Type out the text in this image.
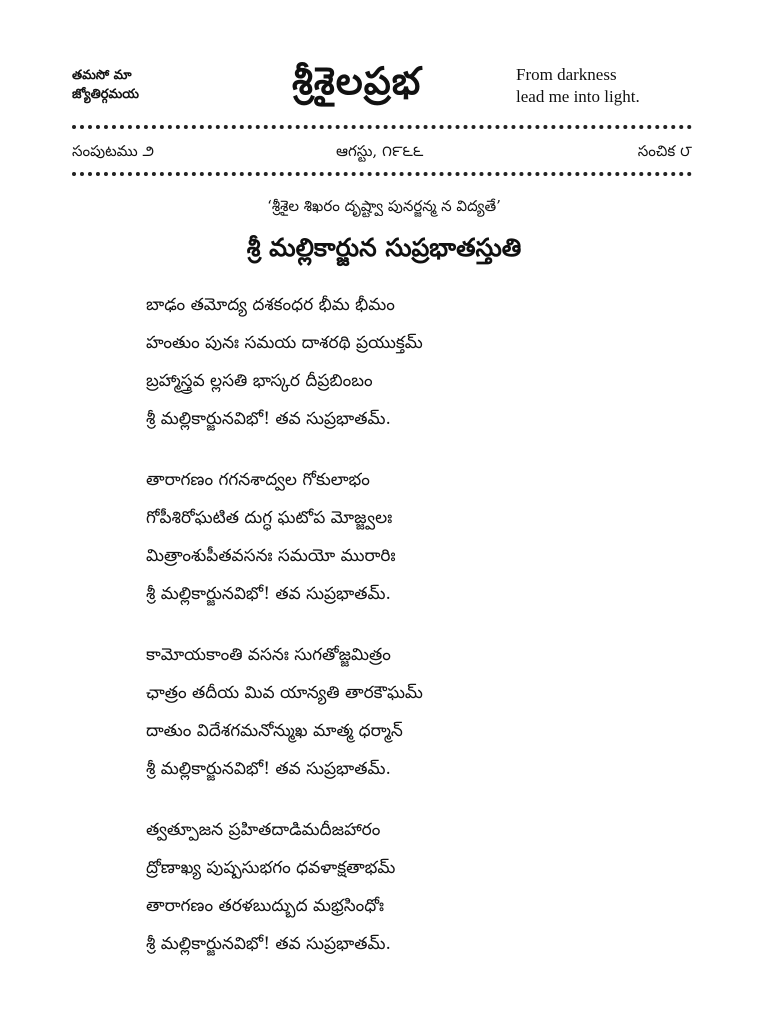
తమసో మా
జ్యోతిర్గమయ	శ్రీశైలప్రభ	From darkness
lead me into light.
సంపుటము ౨	ఆగస్టు, ౧౯౬౬	సంచిక ౮
‘శ్రీశైల శిఖరం దృష్ట్వా పునర్జన్మ న విద్యతే’
శ్రీ మల్లికార్జున సుప్రభాతస్తుతి
బాఢం తమోద్య దశకంధర భీమ భీమం
హంతుం పునః సమయ దాశరథి ప్రయుక్తమ్
బ్రహ్మాస్త్రవ ల్లసతి భాస్కర దీప్రబింబం
శ్రీ మల్లికార్జునవిభో! తవ సుప్రభాతమ్.
తారాగణం గగనశాద్వల గోకులాభం
గోపీశిరోఘటిత దుగ్ధ ఘటోప మోజ్జ్వలః
మిత్రాంశుపీతవసనః సమయో మురారిః
శ్రీ మల్లికార్జునవిభో! తవ సుప్రభాతమ్.
కామోయకాంతి వసనః సుగతోజ్జమిత్రం
ఛాత్రం తదీయ మివ యాన్యతి తారకౌఘమ్
దాతుం విదేశగమనోన్ముఖ మాత్మ ధర్మాన్
శ్రీ మల్లికార్జునవిభో! తవ సుప్రభాతమ్.
త్వత్పూజన ప్రహితదాడిమదీజహారం
ద్రోణాఖ్య పుష్పసుభగం ధవళాక్షతాభమ్
తారాగణం తరళబుద్బుద మభ్రసింధోః
శ్రీ మల్లికార్జునవిభో! తవ సుప్రభాతమ్.
